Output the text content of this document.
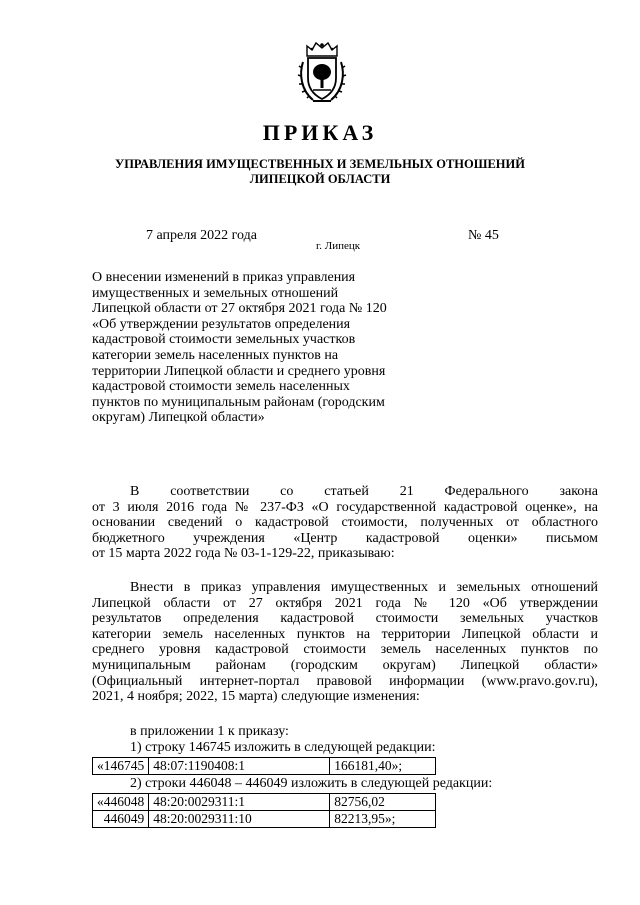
ПРИКАЗ
УПРАВЛЕНИЯ ИМУЩЕСТВЕННЫХ И ЗЕМЕЛЬНЫХ ОТНОШЕНИЙ
ЛИПЕЦКОЙ ОБЛАСТИ
7 апреля 2022 года	№ 45
г. Липецк
О внесении изменений в приказ управления
имущественных и земельных отношений
Липецкой области от 27 октября 2021 года № 120
«Об утверждении результатов определения
кадастровой стоимости земельных участков
категории земель населенных пунктов на
территории Липецкой области и среднего уровня
кадастровой стоимости земель населенных
пунктов по муниципальным районам (городским
округам) Липецкой области»
В соответствии со статьей 21 Федерального закона
от 3 июля 2016 года № 237-ФЗ «О государственной кадастровой оценке», на
основании сведений о кадастровой стоимости, полученных от областного
бюджетного учреждения «Центр кадастровой оценки» письмом
от 15 марта 2022 года № 03-1-129-22, приказываю:
Внести в приказ управления имущественных и земельных отношений
Липецкой области от 27 октября 2021 года № 120 «Об утверждении
результатов определения кадастровой стоимости земельных участков
категории земель населенных пунктов на территории Липецкой области и
среднего уровня кадастровой стоимости земель населенных пунктов по
муниципальным районам (городским округам) Липецкой области»
(Официальный интернет-портал правовой информации (www.pravo.gov.ru),
2021, 4 ноября; 2022, 15 марта) следующие изменения:
в приложении 1 к приказу:
1) строку 146745 изложить в следующей редакции:
«146745	48:07:1190408:1	166181,40»;
2) строки 446048 – 446049 изложить в следующей редакции:
«446048	48:20:0029311:1	82756,02
446049	48:20:0029311:10	82213,95»;
